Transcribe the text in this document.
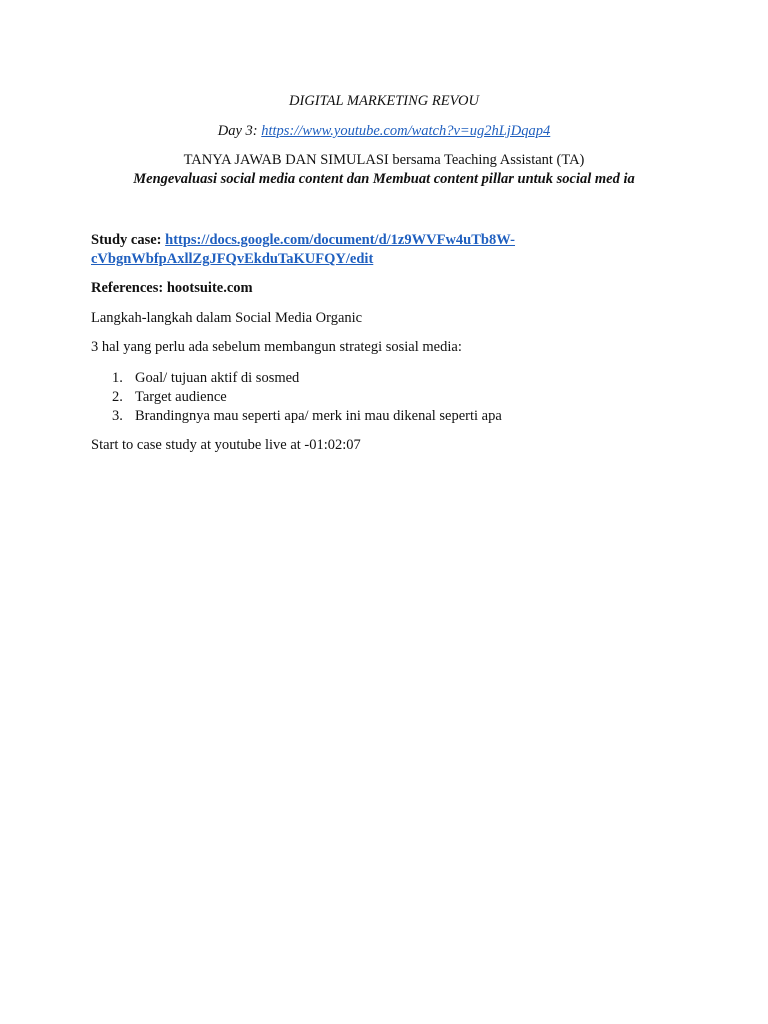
DIGITAL MARKETING REVOU
Day 3: https://www.youtube.com/watch?v=ug2hLjDqap4
TANYA JAWAB DAN SIMULASI bersama Teaching Assistant (TA)
Mengevaluasi social media content dan Membuat content pillar untuk social med ia
Study case: https://docs.google.com/document/d/1z9WVFw4uTb8W-
cVbgnWbfpAxllZgJFQvEkduTaKUFQY/edit
References: hootsuite.com
Langkah-langkah dalam Social Media Organic
3 hal yang perlu ada sebelum membangun strategi sosial media:
1. Goal/ tujuan aktif di sosmed
2. Target audience
3. Brandingnya mau seperti apa/ merk ini mau dikenal seperti apa
Start to case study at youtube live at -01:02:07
